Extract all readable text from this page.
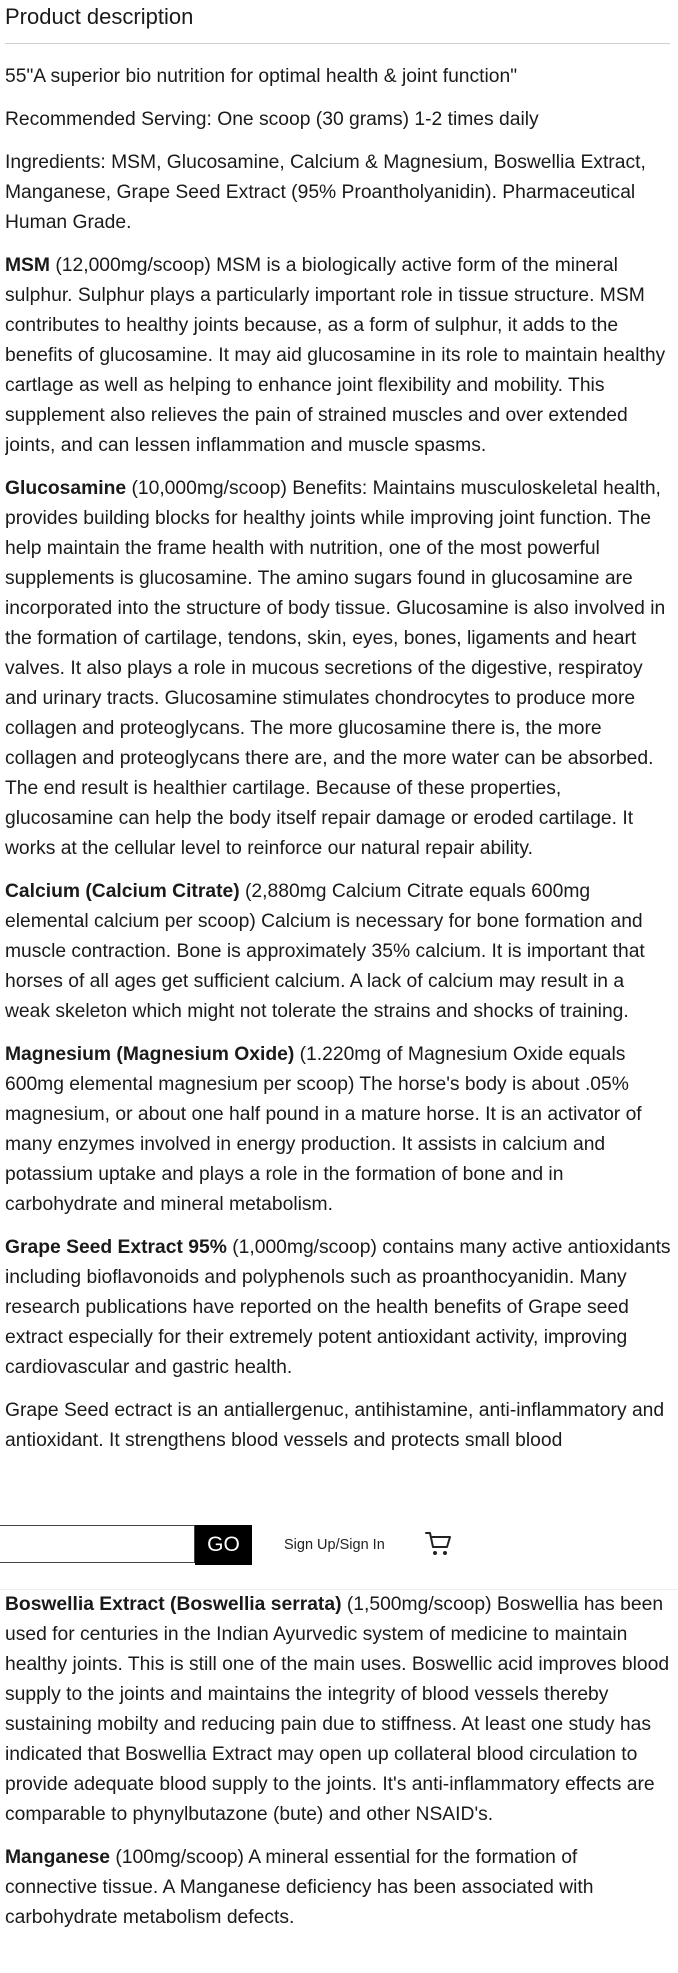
Product description

55"A superior bio nutrition for optimal health & joint function"

Recommended Serving: One scoop (30 grams) 1-2 times daily

Ingredients: MSM, Glucosamine, Calcium & Magnesium, Boswellia Extract, Manganese, Grape Seed Extract (95% Proantholyanidin). Pharmaceutical Human Grade.

MSM (12,000mg/scoop) MSM is a biologically active form of the mineral sulphur. Sulphur plays a particularly important role in tissue structure. MSM contributes to healthy joints because, as a form of sulphur, it adds to the benefits of glucosamine. It may aid glucosamine in its role to maintain healthy cartlage as well as helping to enhance joint flexibility and mobility. This supplement also relieves the pain of strained muscles and over extended joints, and can lessen inflammation and muscle spasms.

Glucosamine (10,000mg/scoop) Benefits: Maintains musculoskeletal health, provides building blocks for healthy joints while improving joint function. The help maintain the frame health with nutrition, one of the most powerful supplements is glucosamine. The amino sugars found in glucosamine are incorporated into the structure of body tissue. Glucosamine is also involved in the formation of cartilage, tendons, skin, eyes, bones, ligaments and heart valves. It also plays a role in mucous secretions of the digestive, respiratoy and urinary tracts. Glucosamine stimulates chondrocytes to produce more collagen and proteoglycans. The more glucosamine there is, the more collagen and proteoglycans there are, and the more water can be absorbed. The end result is healthier cartilage. Because of these properties, glucosamine can help the body itself repair damage or eroded cartilage. It works at the cellular level to reinforce our natural repair ability.

Calcium (Calcium Citrate) (2,880mg Calcium Citrate equals 600mg elemental calcium per scoop) Calcium is necessary for bone formation and muscle contraction. Bone is approximately 35% calcium. It is important that horses of all ages get sufficient calcium. A lack of calcium may result in a weak skeleton which might not tolerate the strains and shocks of training.

Magnesium (Magnesium Oxide) (1.220mg of Magnesium Oxide equals 600mg elemental magnesium per scoop) The horse's body is about .05% magnesium, or about one half pound in a mature horse. It is an activator of many enzymes involved in energy production. It assists in calcium and potassium uptake and plays a role in the formation of bone and in carbohydrate and mineral metabolism.

Grape Seed Extract 95% (1,000mg/scoop) contains many active antioxidants including bioflavonoids and polyphenols such as proanthocyanidin. Many research publications have reported on the health benefits of Grape seed extract especially for their extremely potent antioxidant activity, improving cardiovascular and gastric health.

Grape Seed ectract is an antiallergenuc, antihistamine, anti-inflammatory and antioxidant. It strengthens blood vessels and protects small blood

GO	Sign Up/Sign In

Boswellia Extract (Boswellia serrata) (1,500mg/scoop) Boswellia has been used for centuries in the Indian Ayurvedic system of medicine to maintain healthy joints. This is still one of the main uses. Boswellic acid improves blood supply to the joints and maintains the integrity of blood vessels thereby sustaining mobilty and reducing pain due to stiffness. At least one study has indicated that Boswellia Extract may open up collateral blood circulation to provide adequate blood supply to the joints. It's anti-inflammatory effects are comparable to phynylbutazone (bute) and other NSAID's.

Manganese (100mg/scoop) A mineral essential for the formation of connective tissue. A Manganese deficiency has been associated with carbohydrate metabolism defects.
